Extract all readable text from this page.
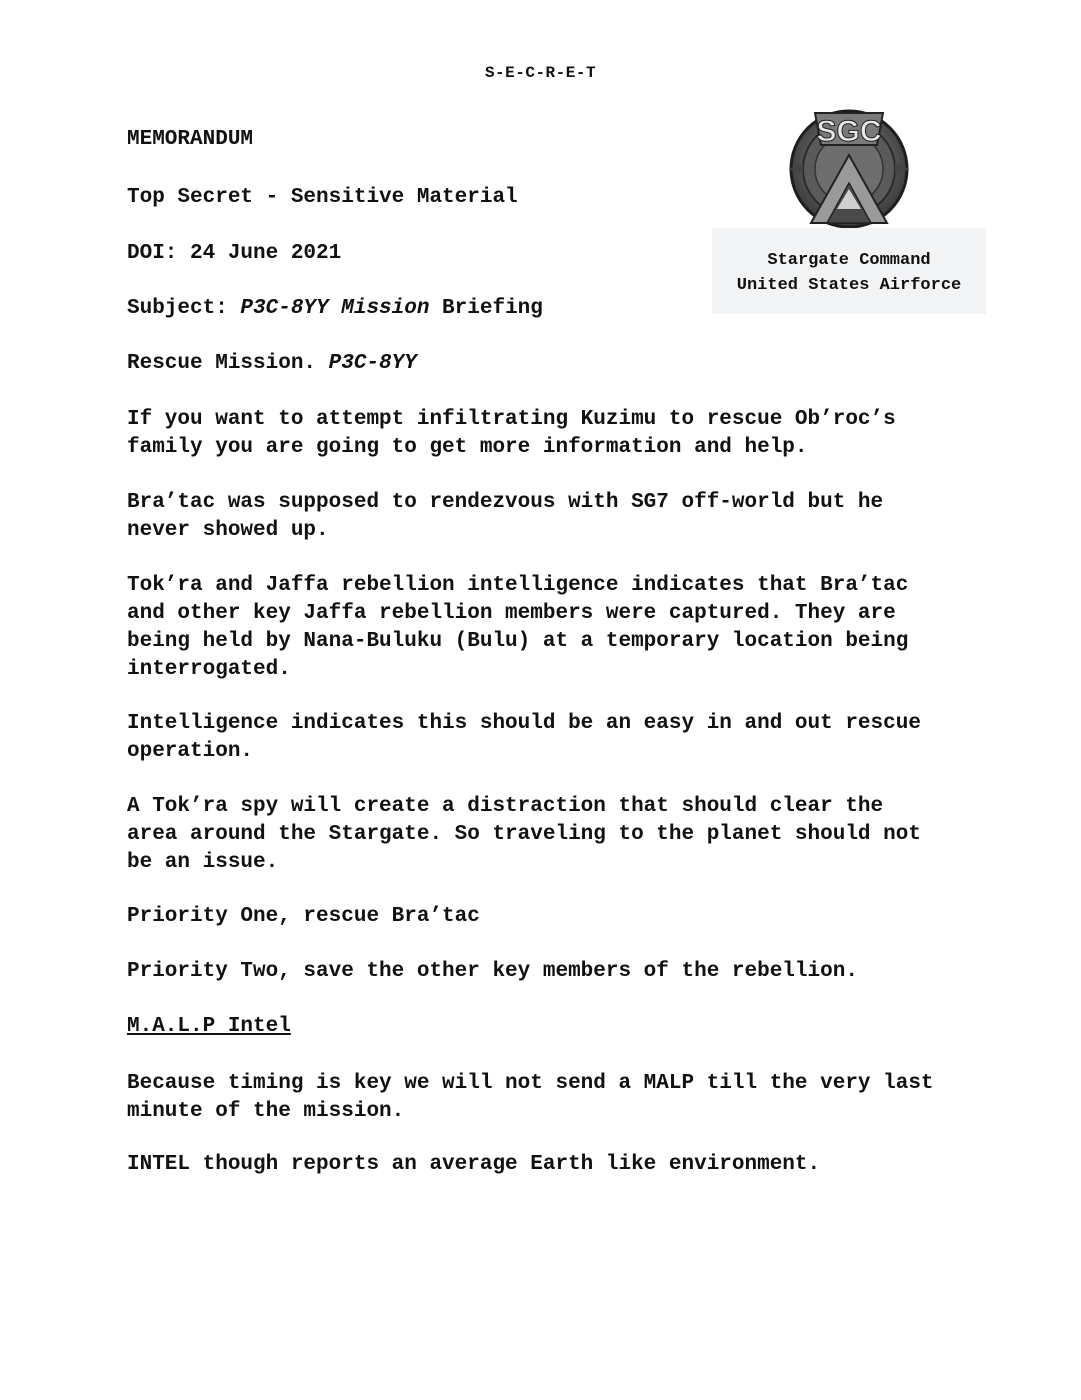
S-E-C-R-E-T
MEMORANDUM
Top Secret - Sensitive Material
DOI: 24 June 2021
Subject: P3C-8YY Mission Briefing
Rescue Mission. P3C-8YY
SGC
Stargate Command
United States Airforce
If you want to attempt infiltrating Kuzimu to rescue Ob’roc’s
family you are going to get more information and help.
Bra’tac was supposed to rendezvous with SG7 off-world but he
never showed up.
Tok’ra and Jaffa rebellion intelligence indicates that Bra’tac
and other key Jaffa rebellion members were captured. They are
being held by Nana-Buluku (Bulu) at a temporary location being
interrogated.
Intelligence indicates this should be an easy in and out rescue
operation.
A Tok’ra spy will create a distraction that should clear the
area around the Stargate. So traveling to the planet should not
be an issue.
Priority One, rescue Bra’tac
Priority Two, save the other key members of the rebellion.
M.A.L.P Intel
Because timing is key we will not send a MALP till the very last
minute of the mission.
INTEL though reports an average Earth like environment.
